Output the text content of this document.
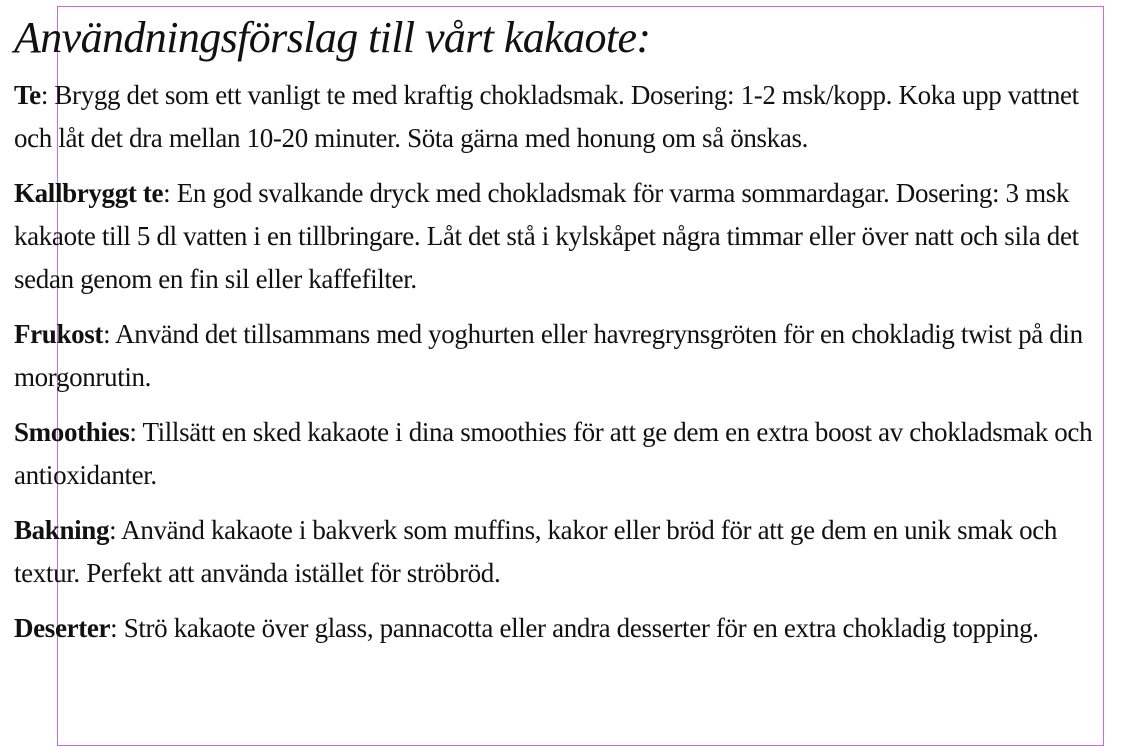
Användningsförslag till vårt kakaote:

Te: Brygg det som ett vanligt te med kraftig chokladsmak. Dosering: 1-2 msk/kopp. Koka upp vattnet och låt det dra mellan 10-20 minuter. Söta gärna med honung om så önskas.

Kallbryggt te: En god svalkande dryck med chokladsmak för varma sommardagar. Dosering: 3 msk kakaote till 5 dl vatten i en tillbringare. Låt det stå i kylskåpet några timmar eller över natt och sila det sedan genom en fin sil eller kaffefilter.

Frukost: Använd det tillsammans med yoghurten eller havregrynsgröten för en chokladig twist på din morgonrutin.

Smoothies: Tillsätt en sked kakaote i dina smoothies för att ge dem en extra boost av chokladsmak och antioxidanter.

Bakning: Använd kakaote i bakverk som muffins, kakor eller bröd för att ge dem en unik smak och textur. Perfekt att använda istället för ströbröd.

Deserter: Strö kakaote över glass, pannacotta eller andra desserter för en extra chokladig topping.
